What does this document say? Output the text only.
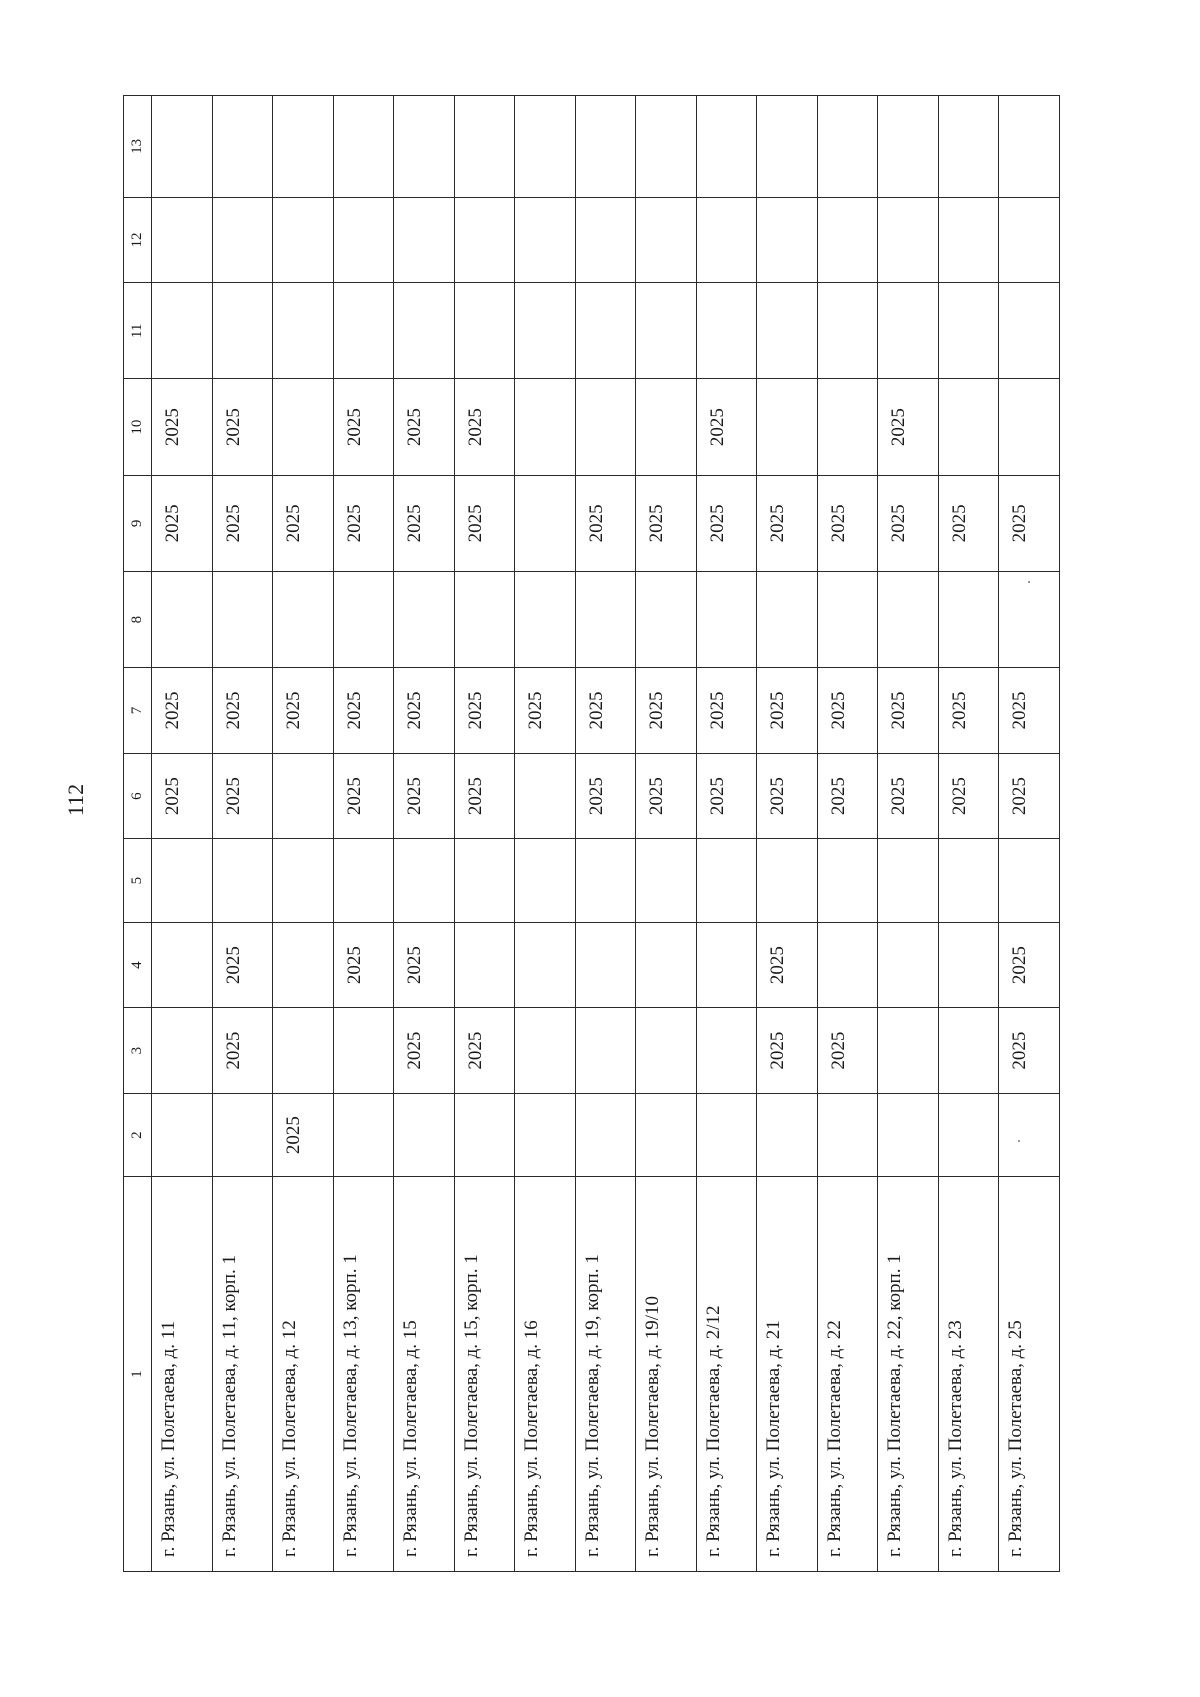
112
1	2	3	4	5	6	7	8	9	10	11	12	13
г. Рязань, ул. Полетаева, д. 11					2025	2025		2025	2025			
г. Рязань, ул. Полетаева, д. 11, корп. 1		2025	2025		2025	2025		2025	2025			
г. Рязань, ул. Полетаева, д. 12	2025					2025		2025				
г. Рязань, ул. Полетаева, д. 13, корп. 1			2025		2025	2025		2025	2025			
г. Рязань, ул. Полетаева, д. 15		2025	2025		2025	2025		2025	2025			
г. Рязань, ул. Полетаева, д. 15, корп. 1		2025			2025	2025		2025	2025			
г. Рязань, ул. Полетаева, д. 16						2025						
г. Рязань, ул. Полетаева, д. 19, корп. 1					2025	2025		2025				
г. Рязань, ул. Полетаева, д. 19/10					2025	2025		2025				
г. Рязань, ул. Полетаева, д. 2/12					2025	2025		2025	2025			
г. Рязань, ул. Полетаева, д. 21		2025	2025		2025	2025		2025				
г. Рязань, ул. Полетаева, д. 22		2025			2025	2025		2025				
г. Рязань, ул. Полетаева, д. 22, корп. 1					2025	2025		2025	2025			
г. Рязань, ул. Полетаева, д. 23					2025	2025		2025				
г. Рязань, ул. Полетаева, д. 25		2025	2025		2025	2025		2025				
